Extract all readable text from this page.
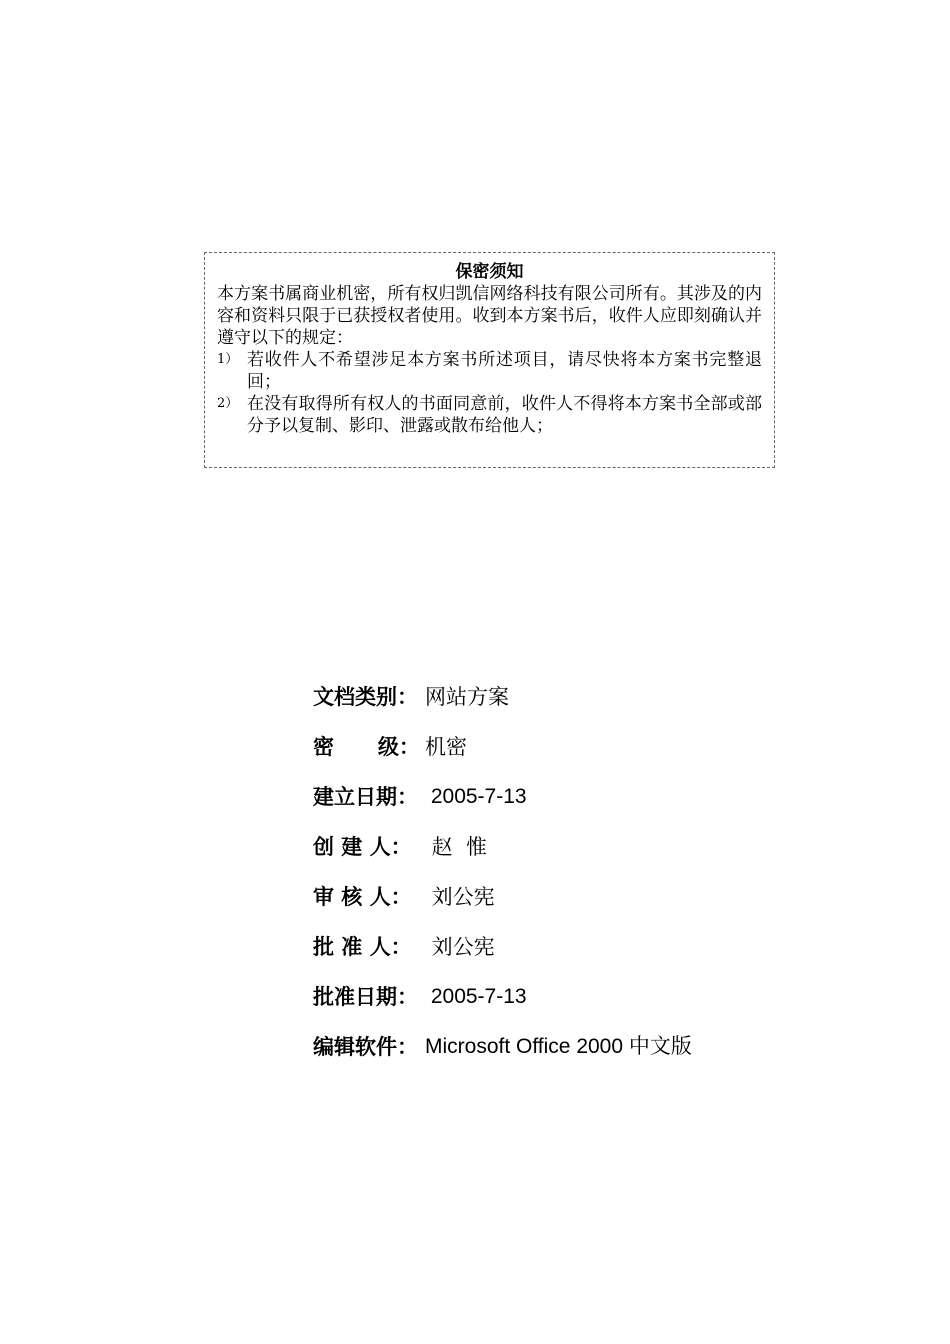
保密须知

本方案书属商业机密，所有权归凯信网络科技有限公司所有。其涉及的内容和资料只限于已获授权者使用。收到本方案书后，收件人应即刻确认并遵守以下的规定：

1） 若收件人不希望涉足本方案书所述项目，请尽快将本方案书完整退回；
2） 在没有取得所有权人的书面同意前，收件人不得将本方案书全部或部分予以复制、影印、泄露或散布给他人；
文档类别： 网站方案
密      级： 机密
建立日期： 2005-7-13
创 建 人： 赵  惟
审 核 人： 刘公宪
批 准 人： 刘公宪
批准日期： 2005-7-13
编辑软件： Microsoft Office 2000 中文版
